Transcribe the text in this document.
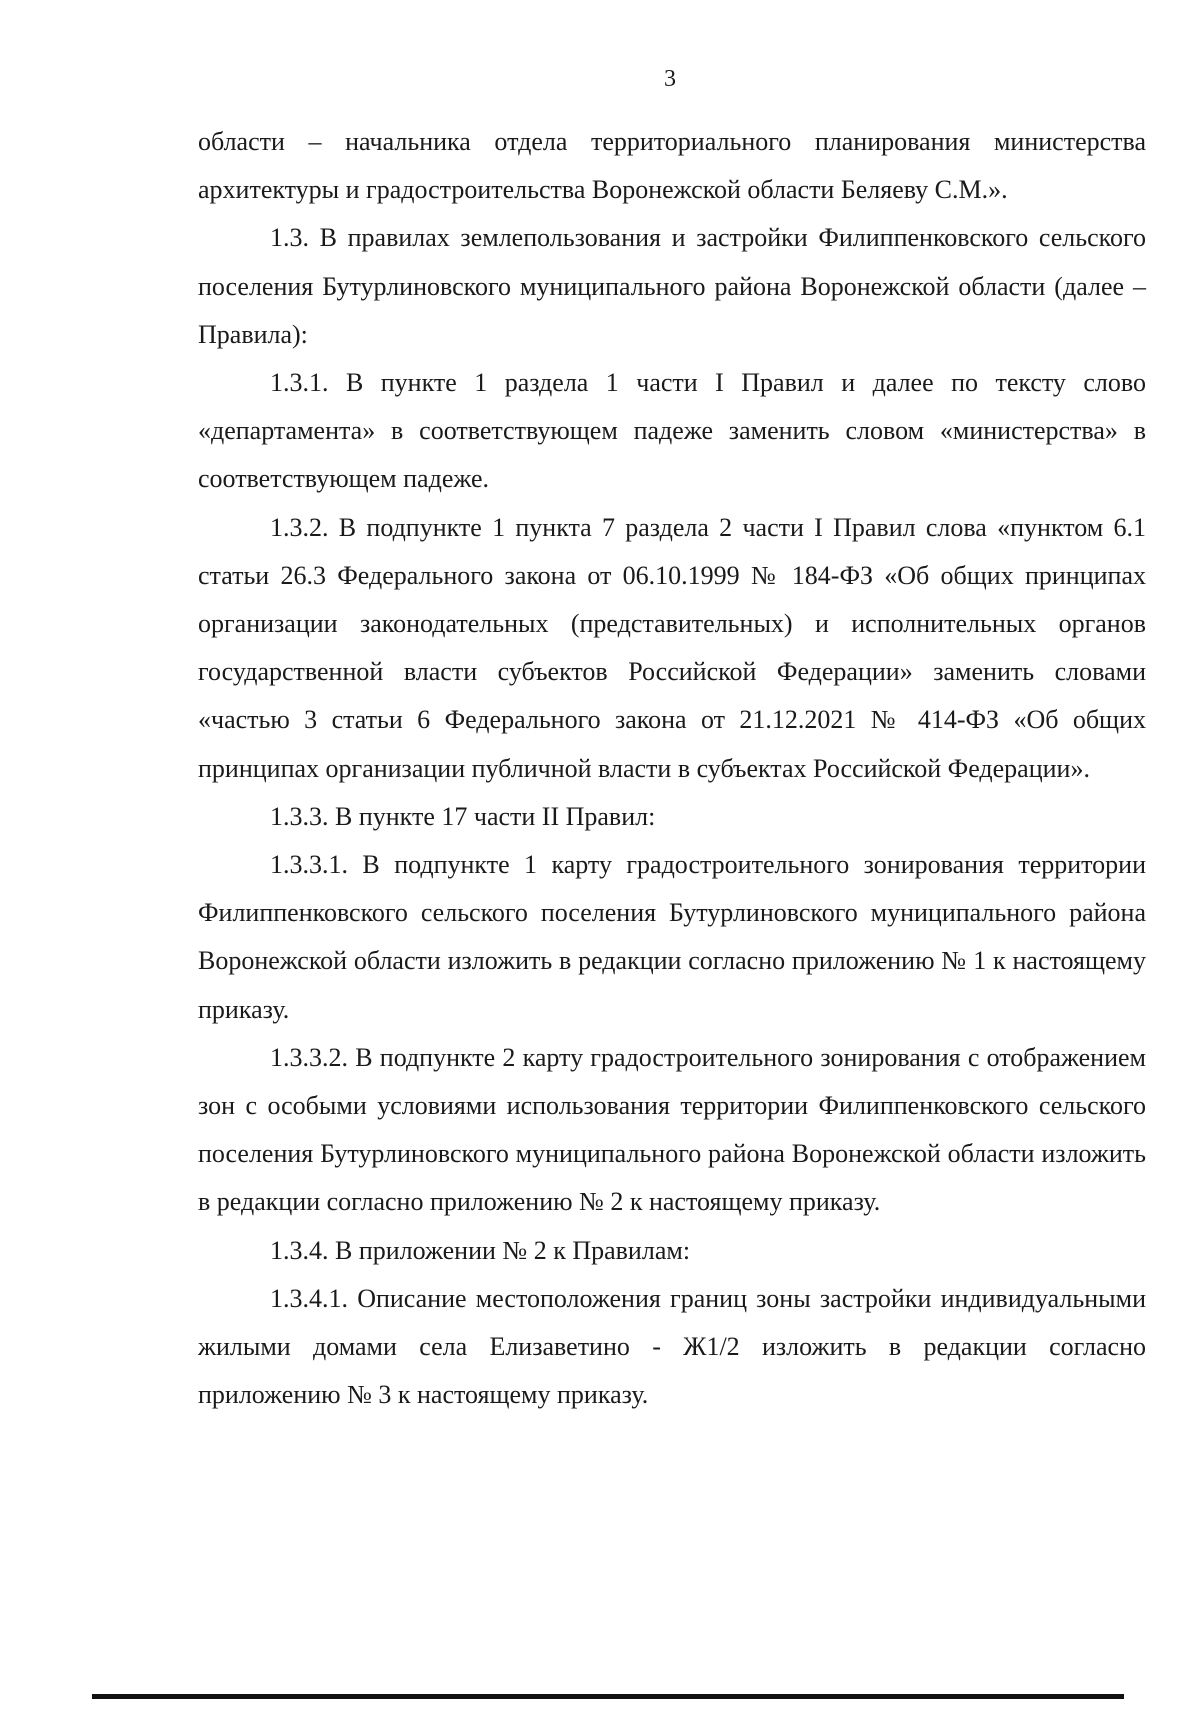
3

области – начальника отдела территориального планирования министерства архитектуры и градостроительства Воронежской области Беляеву С.М.».

1.3. В правилах землепользования и застройки Филиппенковского сельского поселения Бутурлиновского муниципального района Воронежской области (далее – Правила):

1.3.1. В пункте 1 раздела 1 части I Правил и далее по тексту слово «департамента» в соответствующем падеже заменить словом «министерства» в соответствующем падеже.

1.3.2. В подпункте 1 пункта 7 раздела 2 части I Правил слова «пунктом 6.1 статьи 26.3 Федерального закона от 06.10.1999 № 184-ФЗ «Об общих принципах организации законодательных (представительных) и исполнительных органов государственной власти субъектов Российской Федерации» заменить словами «частью 3 статьи 6 Федерального закона от 21.12.2021 № 414-ФЗ «Об общих принципах организации публичной власти в субъектах Российской Федерации».

1.3.3. В пункте 17 части II Правил:

1.3.3.1. В подпункте 1 карту градостроительного зонирования территории Филиппенковского сельского поселения Бутурлиновского муниципального района Воронежской области изложить в редакции согласно приложению № 1 к настоящему приказу.

1.3.3.2. В подпункте 2 карту градостроительного зонирования с отображением зон с особыми условиями использования территории Филиппенковского сельского поселения Бутурлиновского муниципального района Воронежской области изложить в редакции согласно приложению № 2 к настоящему приказу.

1.3.4. В приложении № 2 к Правилам:

1.3.4.1. Описание местоположения границ зоны застройки индивидуальными жилыми домами села Елизаветино - Ж1/2 изложить в редакции согласно приложению № 3 к настоящему приказу.
